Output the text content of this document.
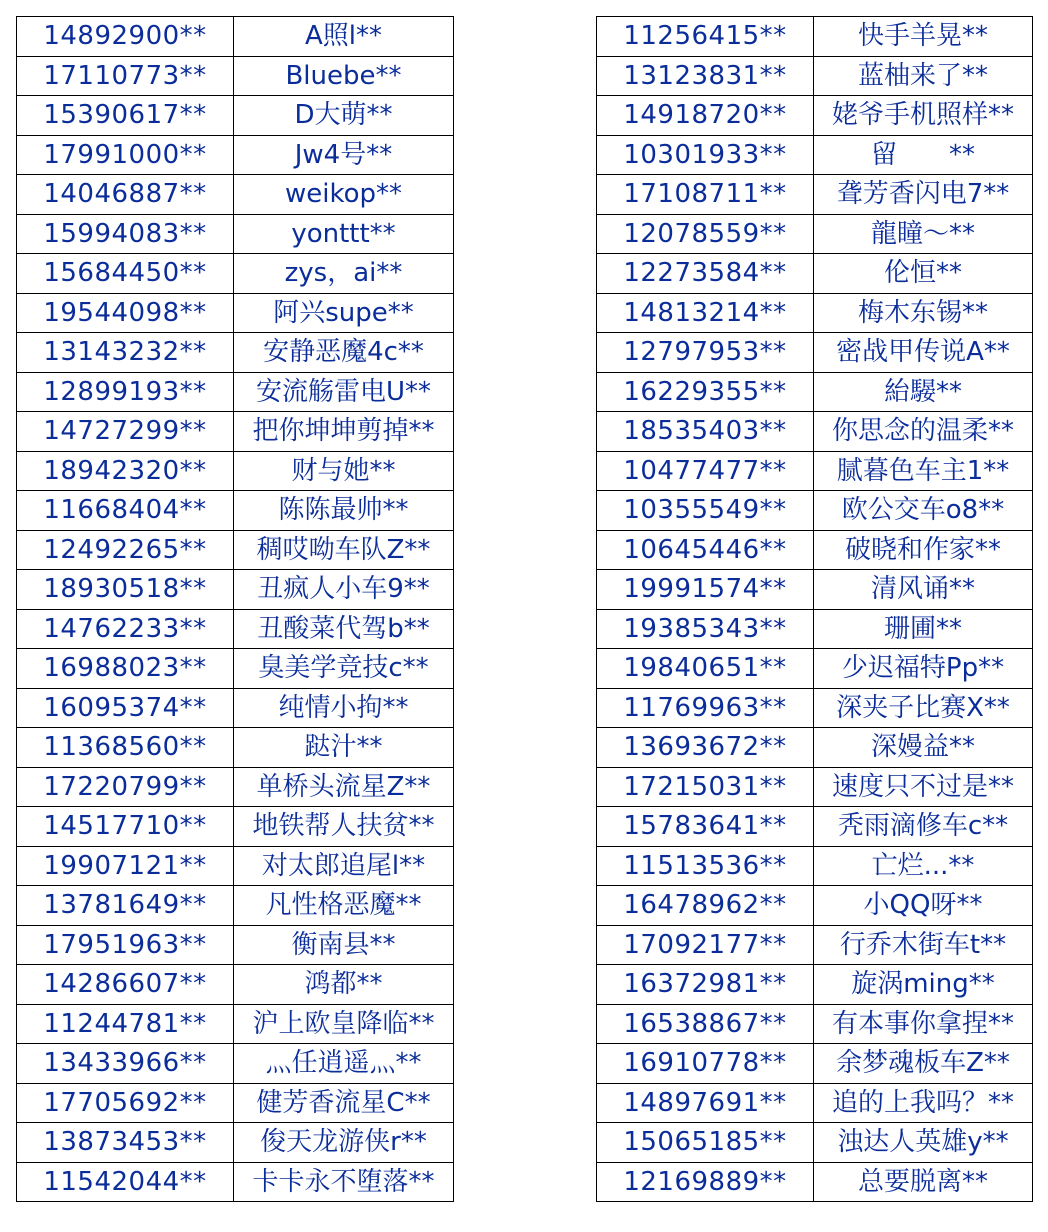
14892900**	A照l**
17110773**	Bluebe**
15390617**	D大萌**
17991000**	Jw4号**
14046887**	weikop**
15994083**	yonttt**
15684450**	zys，ai**
19544098**	阿兴supe**
13143232**	安静恶魔4c**
12899193**	安流觞雷电U**
14727299**	把你坤坤剪掉**
18942320**	财与她**
11668404**	陈陈最帅**
12492265**	稠哎呦车队Z**
18930518**	丑疯人小车9**
14762233**	丑酸菜代驾b**
16988023**	臭美学竞技c**
16095374**	纯情小拘**
11368560**	跶汁**
17220799**	单桥头流星Z**
14517710**	地铁帮人扶贫**
19907121**	对太郎追尾l**
13781649**	凡性格恶魔**
17951963**	衡南县**
14286607**	鸿都**
11244781**	沪上欧皇降临**
13433966**	灬任逍遥灬**
17705692**	健芳香流星C**
13873453**	俊天龙游侠r**
11542044**	卡卡永不堕落**
11256415**	快手羊晃**
13123831**	蓝柚来了**
14918720**	姥爷手机照样**
10301933**	留　　**
17108711**	聋芳香闪电7**
12078559**	龍瞳～**
12273584**	伦恒**
14813214**	梅木东锡**
12797953**	密战甲传说A**
16229355**	紿騴**
18535403**	你思念的温柔**
10477477**	腻暮色车主1**
10355549**	欧公交车o8**
10645446**	破晓和作家**
19991574**	清风诵**
19385343**	珊圃**
19840651**	少迟福特Pp**
11769963**	深夹子比赛X**
13693672**	深嫚益**
17215031**	速度只不过是**
15783641**	秃雨滴修车c**
11513536**	亡烂...**
16478962**	小QQ呀**
17092177**	行乔木街车t**
16372981**	旋涡ming**
16538867**	有本事你拿捏**
16910778**	余梦魂板车Z**
14897691**	追的上我吗？**
15065185**	浊达人英雄y**
12169889**	总要脱离**
